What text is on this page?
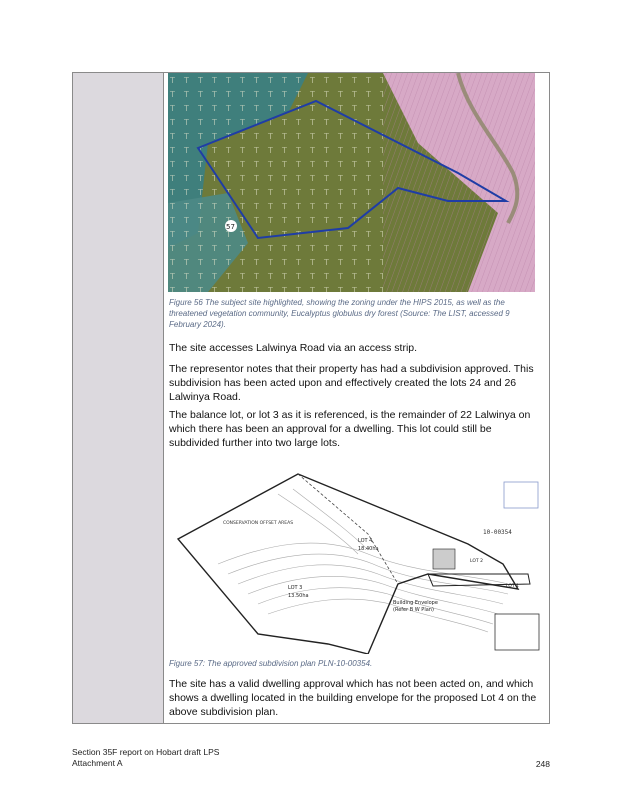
57
Figure 56 The subject site highlighted, showing the zoning under the HIPS 2015, as well as the threatened vegetation community, Eucalyptus globulus dry forest (Source: The LIST, accessed 9 February 2024).
The site accesses Lalwinya Road via an access strip.
The representor notes that their property has had a subdivision approved. This subdivision has been acted upon and effectively created the lots 24 and 26 Lalwinya Road.
The balance lot, or lot 3 as it is referenced, is the remainder of 22 Lalwinya on which there has been an approval for a dwelling. This lot could still be subdivided further into two large lots.
10-00354
CONSERVATION OFFSET AREAS
LOT 4
18.40ha
LOT 3
13.50ha
Building Envelope
(Refer B W Plan)
LOT 1
LOT 2
Figure 57: The approved subdivision plan PLN-10-00354.
The site has a valid dwelling approval which has not been acted on, and which shows a dwelling located in the building envelope for the proposed Lot 4 on the above subdivision plan.
Section 35F report on Hobart draft LPS
Attachment A	248
